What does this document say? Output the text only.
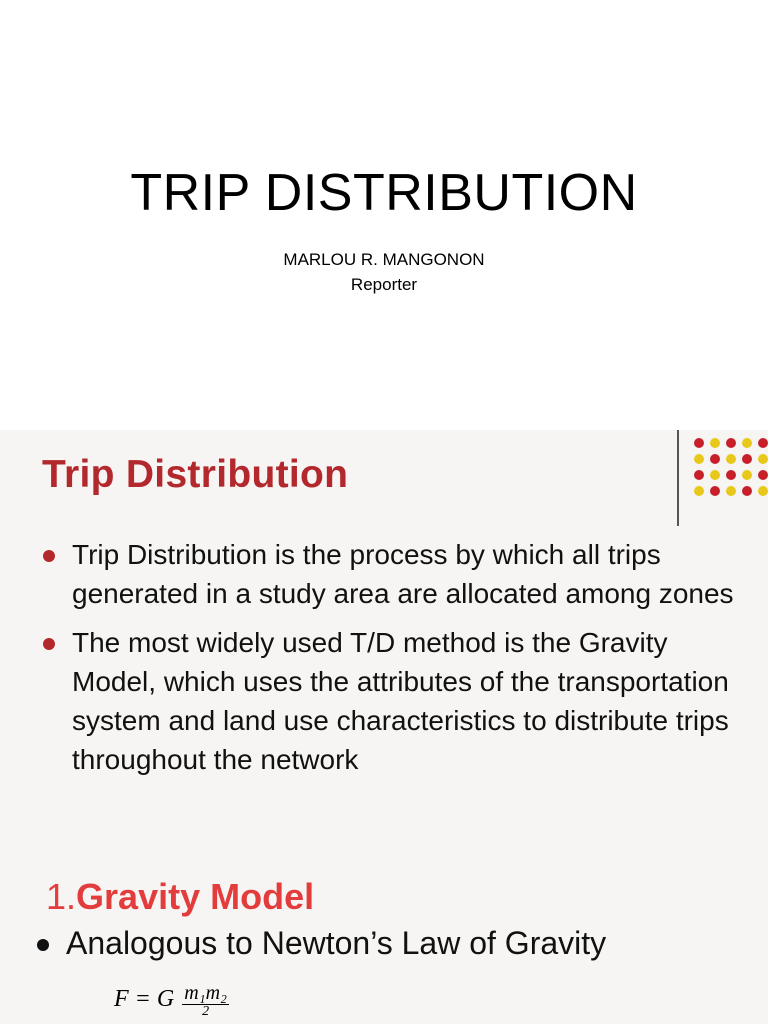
TRIP DISTRIBUTION
MARLOU R. MANGONON
Reporter
Trip Distribution
Trip Distribution is the process by which all trips generated in a study area are allocated among zones
The most widely used T/D method is the Gravity Model, which uses the attributes of the transportation system and land use characteristics to distribute trips throughout the network
1.Gravity Model
Analogous to Newton’s Law of Gravity
F = G m₁m₂
2
